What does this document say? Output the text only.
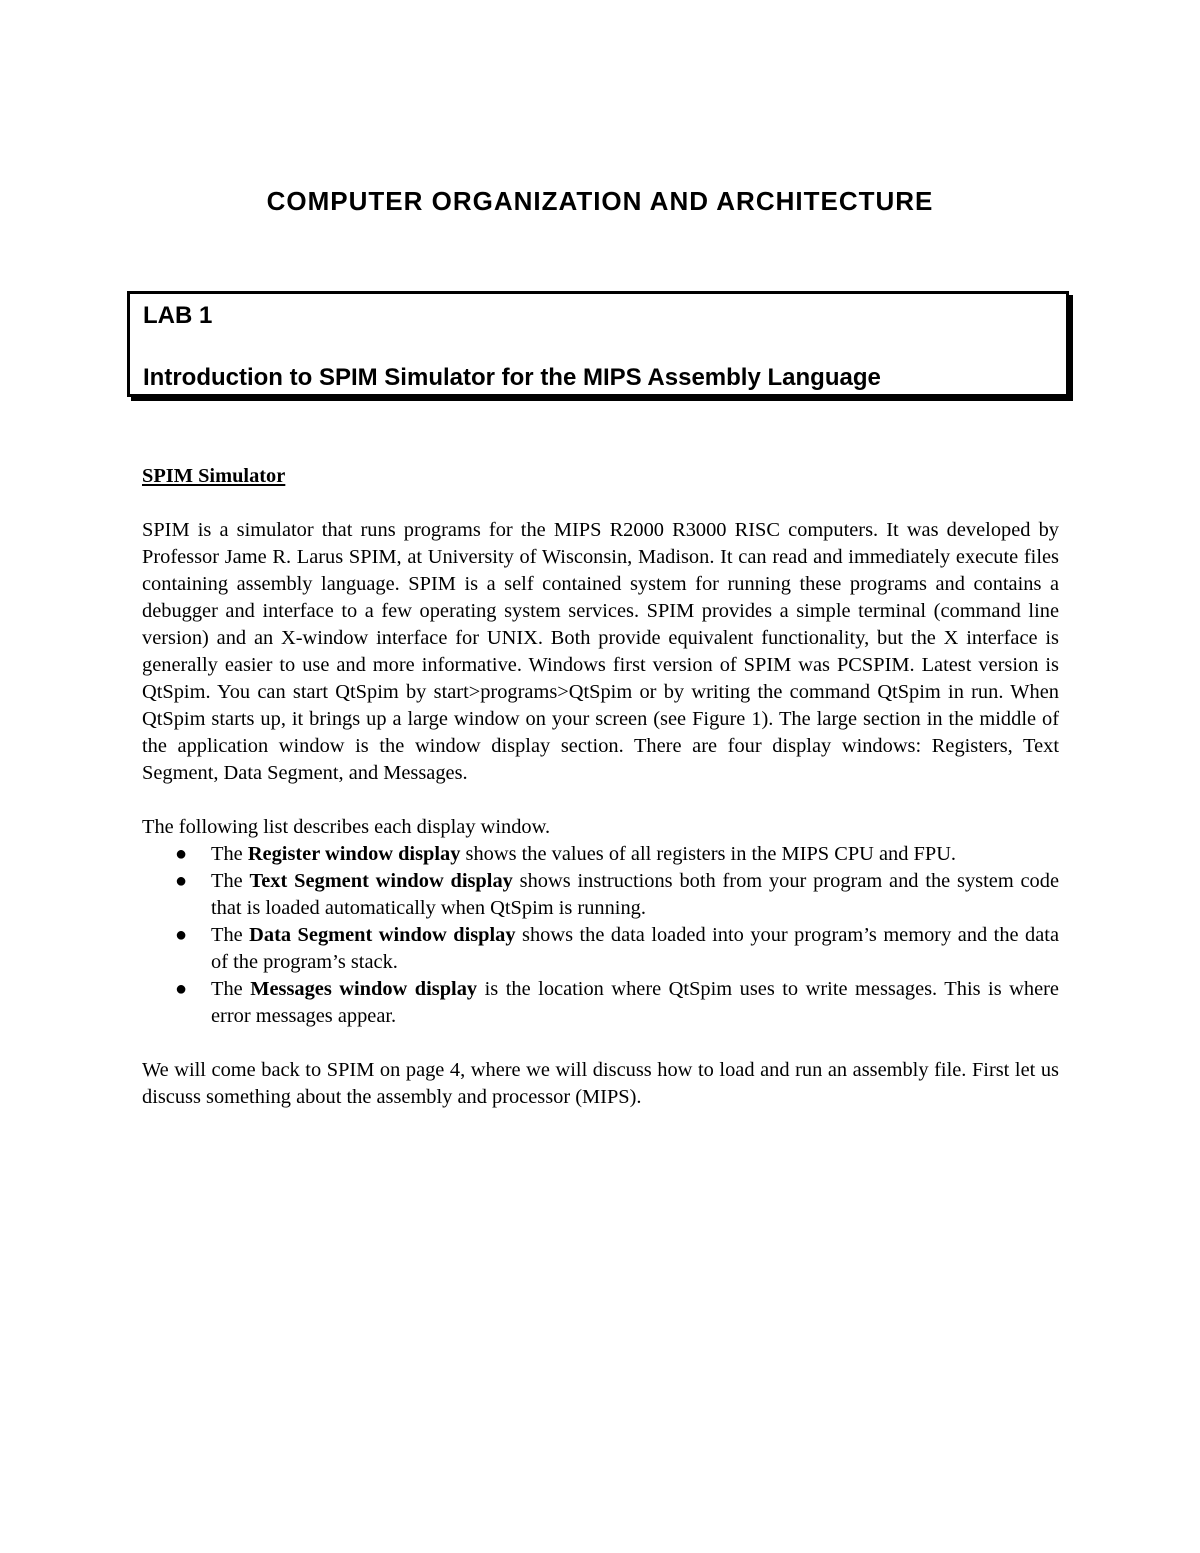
COMPUTER ORGANIZATION AND ARCHITECTURE
LAB 1
Introduction to SPIM Simulator for the MIPS Assembly Language
SPIM Simulator

SPIM is a simulator that runs programs for the MIPS R2000 R3000 RISC computers. It was developed by Professor Jame R. Larus SPIM, at University of Wisconsin, Madison. It can read and immediately execute files containing assembly language. SPIM is a self contained system for running these programs and contains a debugger and interface to a few operating system services. SPIM provides a simple terminal (command line version) and an X-window interface for UNIX. Both provide equivalent functionality, but the X interface is generally easier to use and more informative. Windows first version of SPIM was PCSPIM. Latest version is QtSpim. You can start QtSpim by start>programs>QtSpim or by writing the command QtSpim in run. When QtSpim starts up, it brings up a large window on your screen (see Figure 1). The large section in the middle of the application window is the window display section. There are four display windows: Registers, Text Segment, Data Segment, and Messages.

The following list describes each display window.

● The Register window display shows the values of all registers in the MIPS CPU and FPU.
● The Text Segment window display shows instructions both from your program and the system code that is loaded automatically when QtSpim is running.
● The Data Segment window display shows the data loaded into your program’s memory and the data of the program’s stack.
● The Messages window display is the location where QtSpim uses to write messages. This is where error messages appear.

We will come back to SPIM on page 4, where we will discuss how to load and run an assembly file. First let us discuss something about the assembly and processor (MIPS).
